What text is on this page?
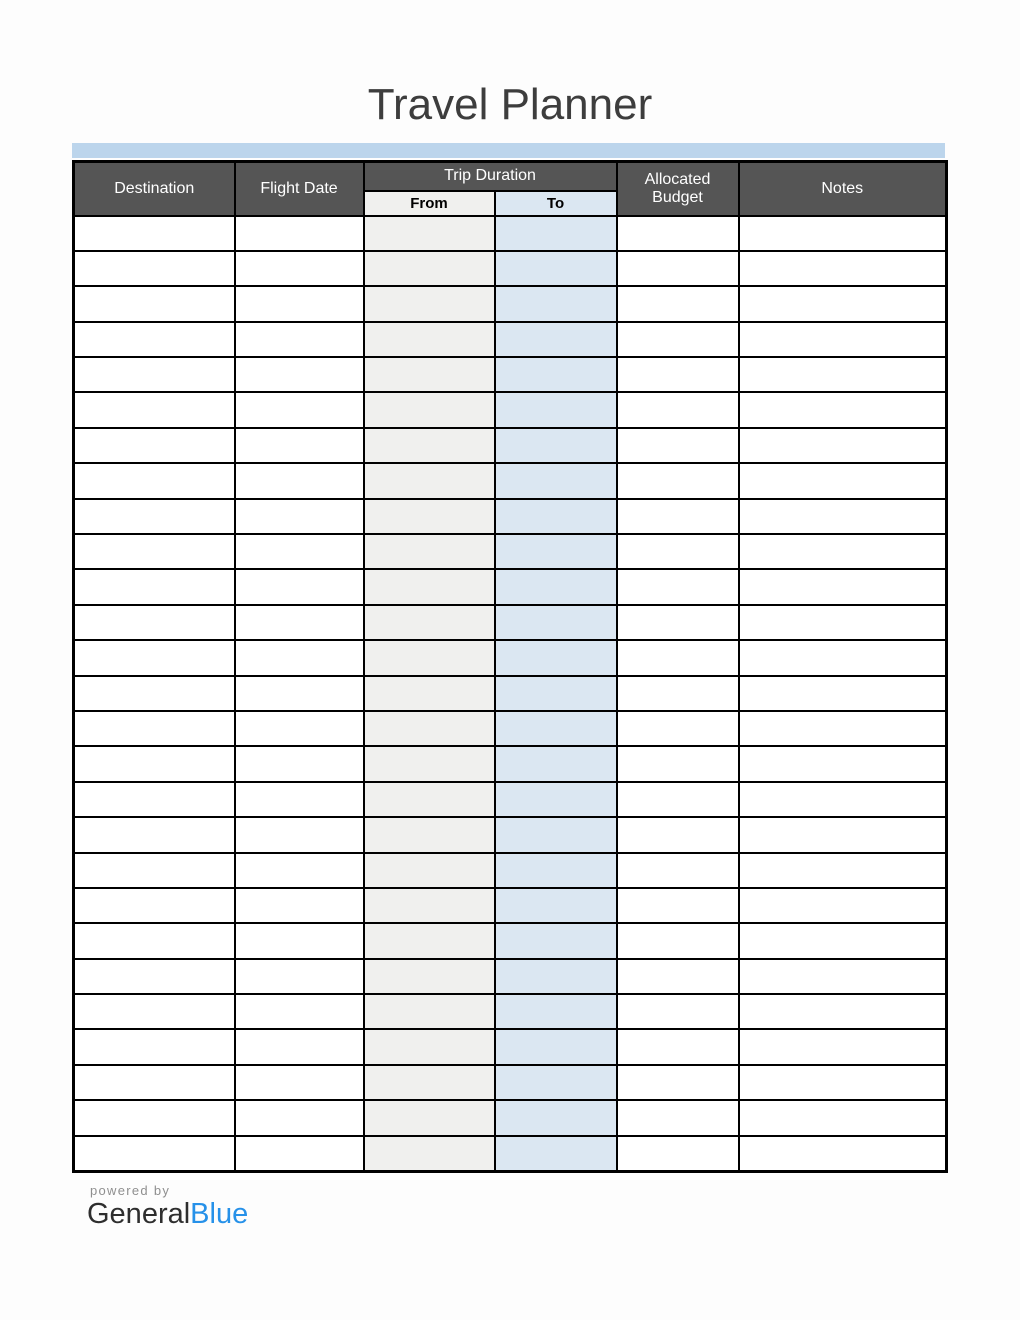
Travel Planner
Destination	Flight Date	Trip Duration		Allocated Budget	Notes
		From	To		

powered by
GeneralBlue
